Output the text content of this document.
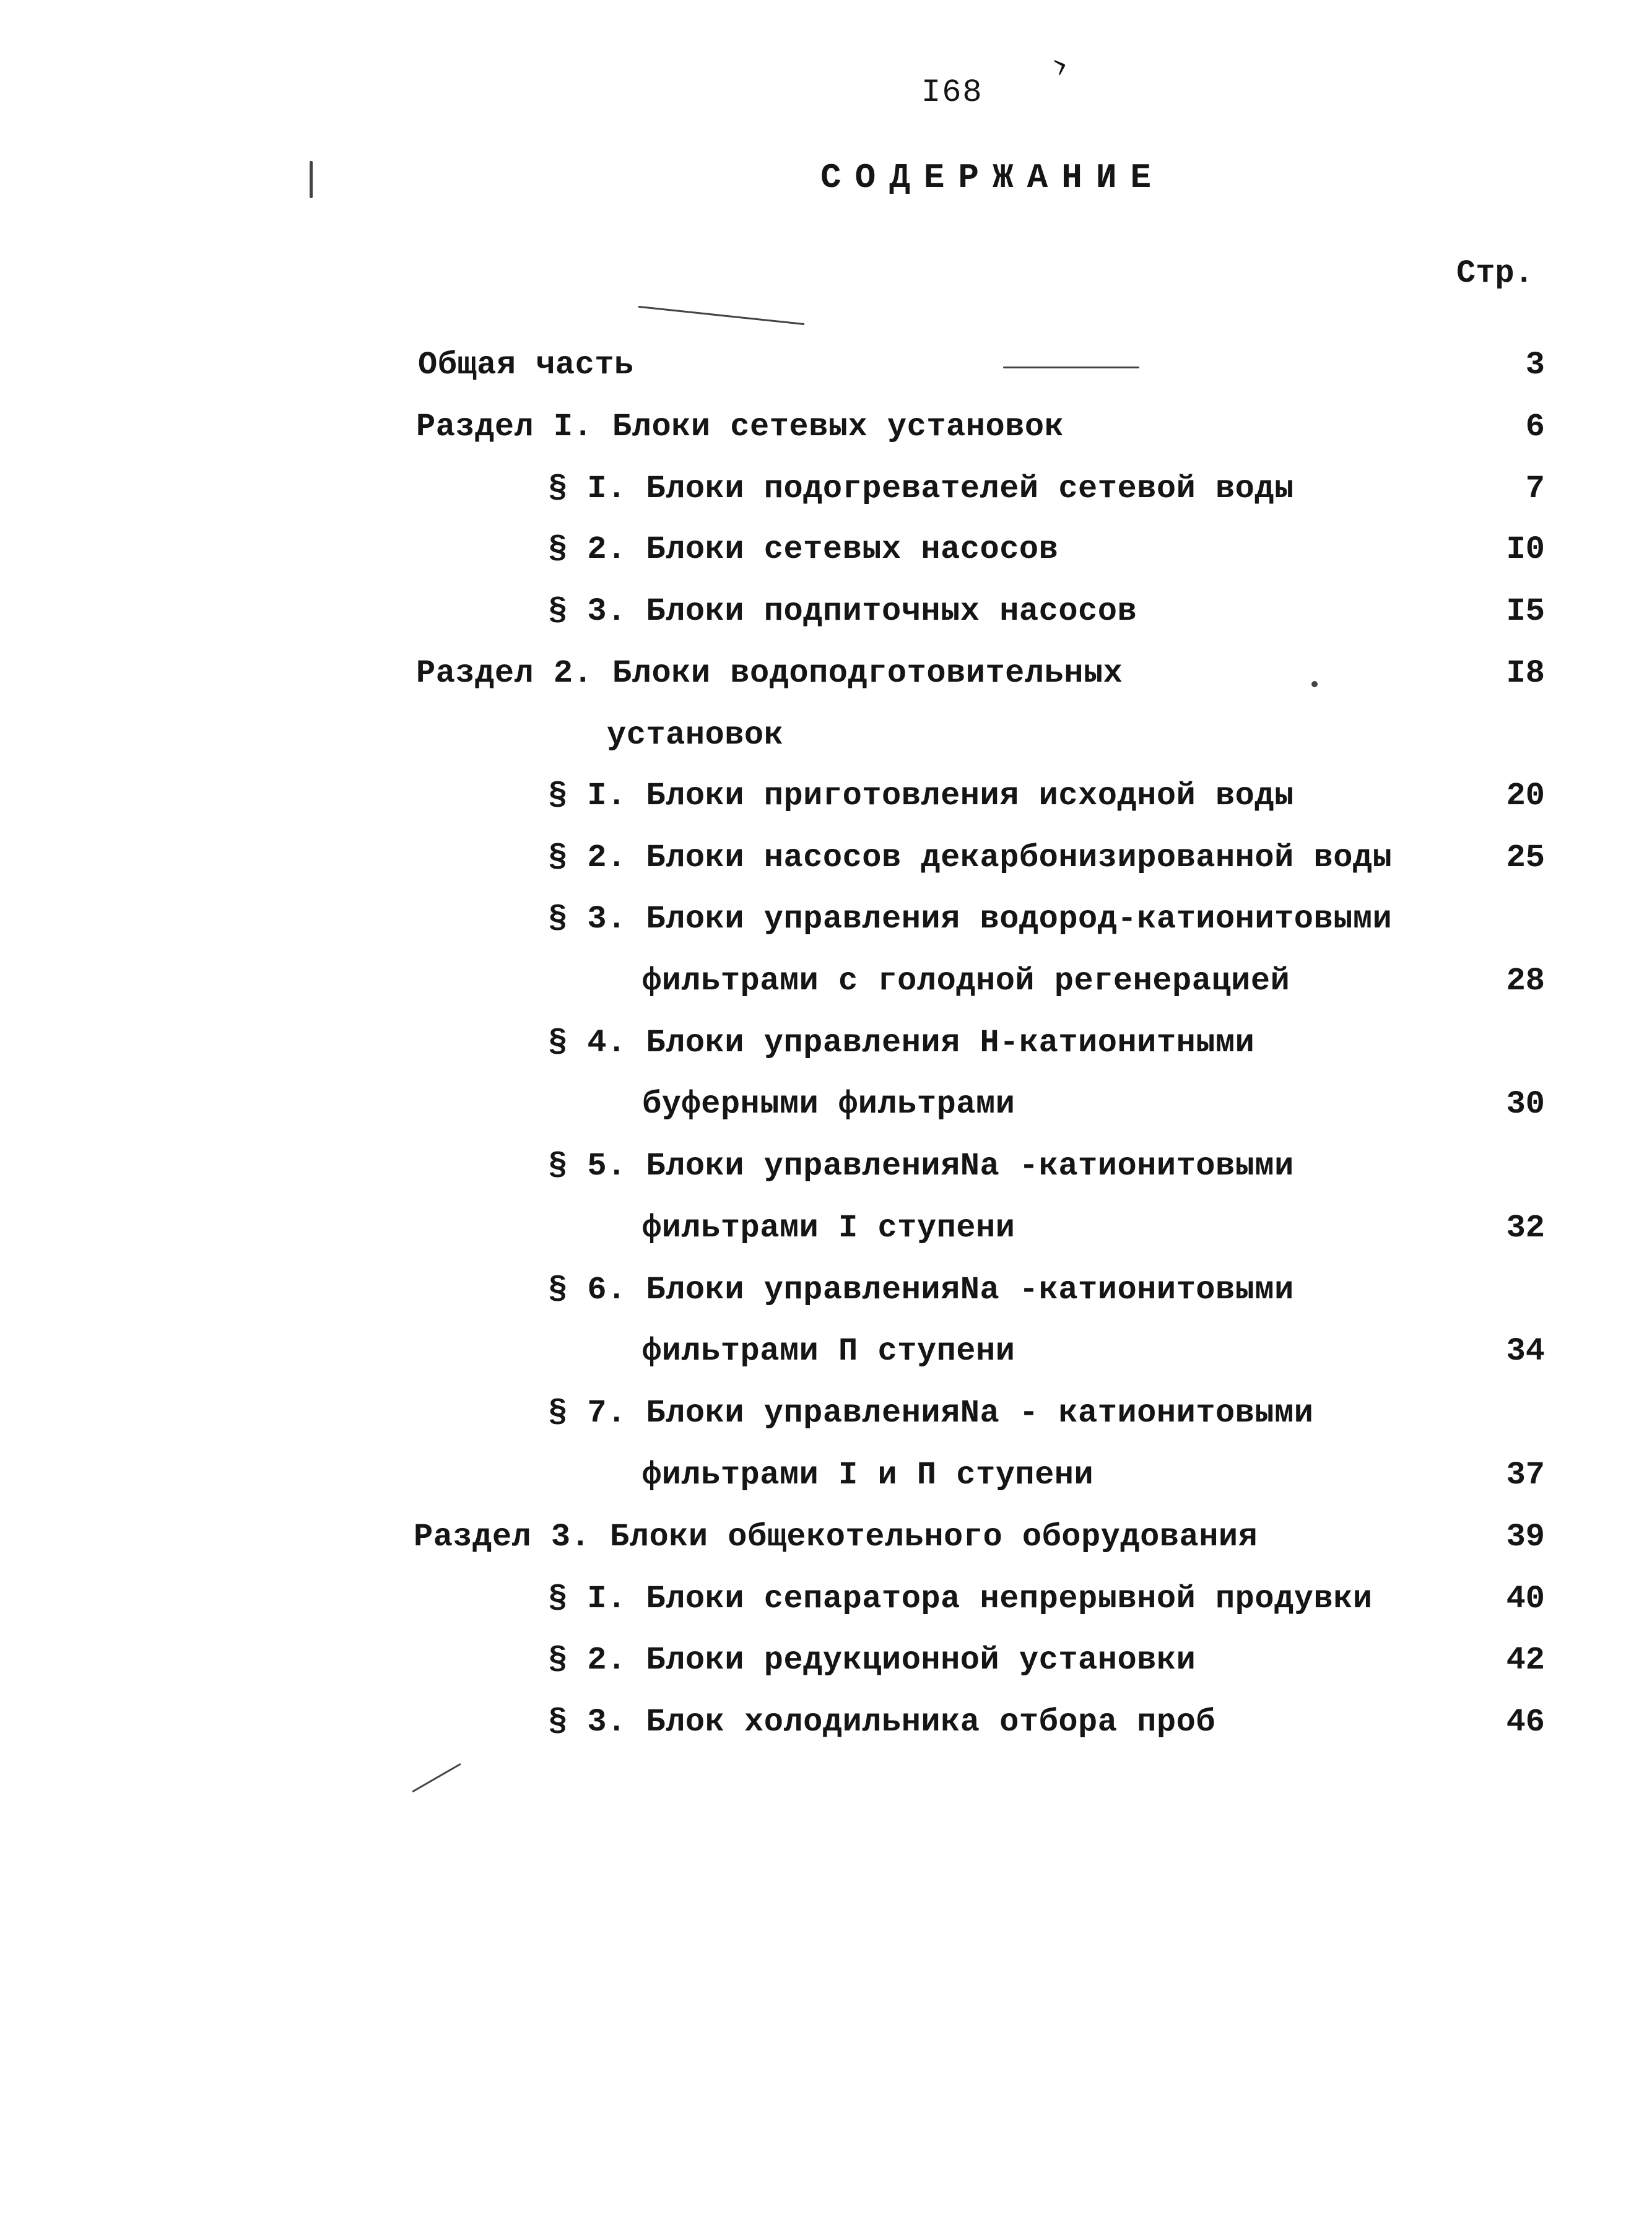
I68
›
СОДЕРЖАНИЕ
Стр.
Общая часть	3
Раздел I. Блоки сетевых установок	6
§ I. Блоки подогревателей сетевой воды	7
§ 2. Блоки сетевых насосов	I0
§ 3. Блоки подпиточных насосов	I5
Раздел 2. Блоки водоподготовительных	I8
установок
§ I. Блоки приготовления исходной воды	20
§ 2. Блоки насосов декарбонизированной воды	25
§ 3. Блоки управления водород-катионитовыми
фильтрами с голодной регенерацией	28
§ 4. Блоки управления Н-катионитными
буферными фильтрами	30
§ 5. Блоки управленияNa -катионитовыми
фильтрами I ступени	32
§ 6. Блоки управленияNa -катионитовыми
фильтрами П ступени	34
§ 7. Блоки управленияNa - катионитовыми
фильтрами I и П ступени	37
Раздел 3. Блоки общекотельного оборудования	39
§ I. Блоки сепаратора непрерывной продувки	40
§ 2. Блоки редукционной установки	42
§ 3. Блок холодильника отбора проб	46
